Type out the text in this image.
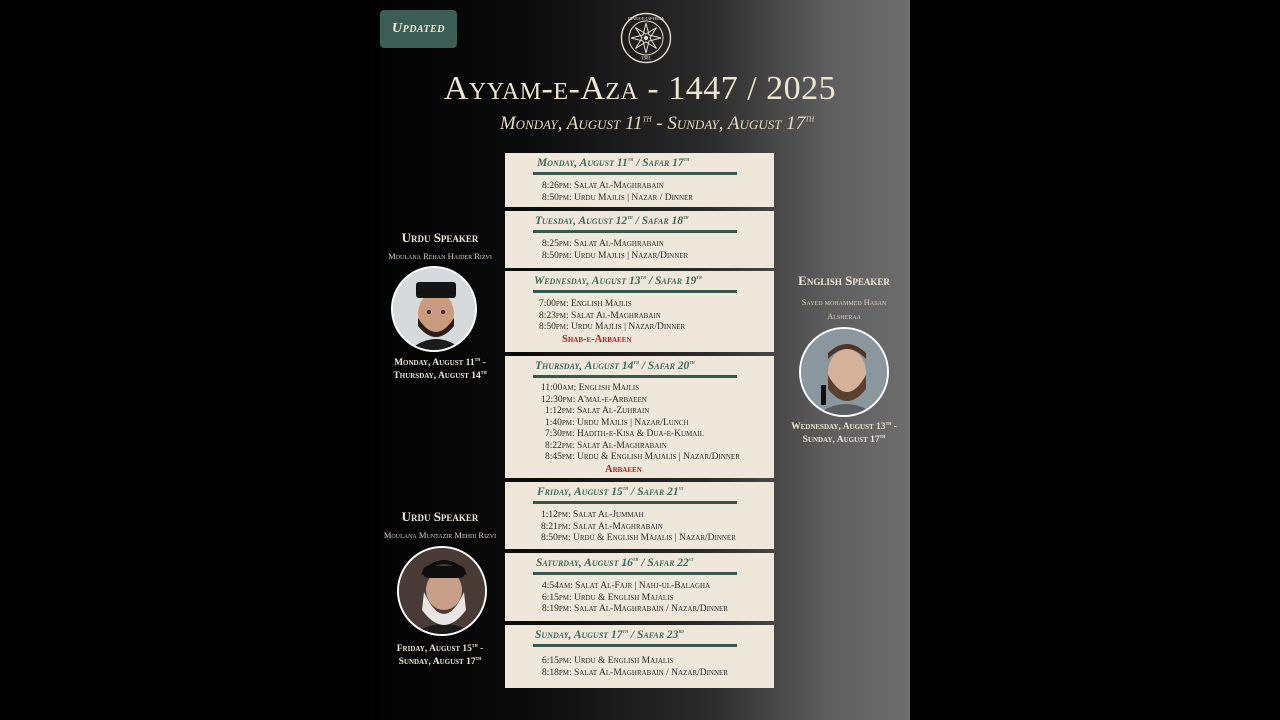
Updated
1981
IDARA-E-JAFFERIA
Ayyam-e-Aza - 1447 / 2025
Monday, August 11th - Sunday, August 17th
Monday, August 11th / Safar 17th
8:26pm: Salat Al-Maghrabain
8:50pm: Urdu Majlis | Nazar / Dinner
Tuesday, August 12th / Safar 18th
8:25pm: Salat Al-Maghrabain
8:50pm: Urdu Majlis | Nazar/Dinner
Wednesday, August 13th / Safar 19th
7:00pm: English Majlis
8:23pm: Salat Al-Maghrabain
8:50pm: Urdu Majlis | Nazar/Dinner
Shab-e-Arbaeen
Thursday, August 14th / Safar 20th
11:00am: English Majlis
12:30pm: A'mal-e-Arbaeen
1:12pm: Salat Al-Zuhrain
1:40pm: Urdu Majlis | Nazar/Lunch
7:30pm: Hadith-e-Kisa & Dua-e-Kumail
8:22pm: Salat Al-Maghrabain
8:45pm: Urdu & English Majalis | Nazar/Dinner
Arbaeen
Friday, August 15th / Safar 21st
1:12pm: Salat Al-Jummah
8:21pm: Salat Al-Maghrabain
8:50pm: Urdu & English Majalis | Nazar/Dinner
Saturday, August 16th / Safar 22st
4:54am: Salat Al-Fajr | Nahj-ul-Balagha
6:15pm: Urdu & English Majalis
8:19pm: Salat Al-Maghrabain / Nazar/Dinner
Sunday, August 17th / Safar 23rd
6:15pm: Urdu & English Majalis
8:18pm: Salat Al-Maghrabain / Nazar/Dinner
Urdu Speaker
Moulana Rehan Haider Rizvi
Monday, August 11th -
Thursday, August 14th
English Speaker
Sayed mohammed Hasan
Alsheraa
Wednesday, August 13th -
Sunday, August 17th
Urdu Speaker
Moulana Muntazir Mehdi Rizvi
Friday, August 15th -
Sunday, August 17th
